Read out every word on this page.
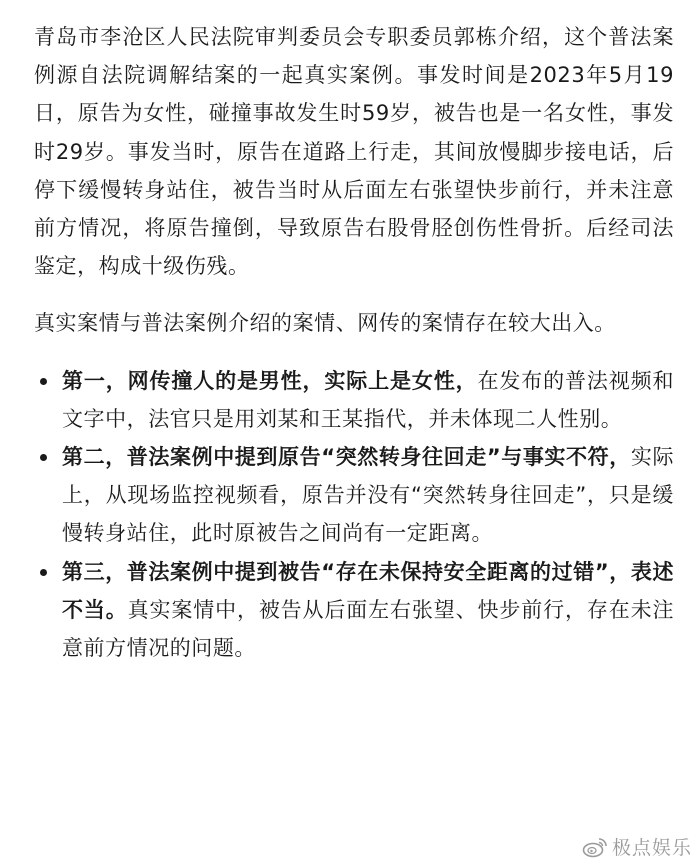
青岛市李沧区人民法院审判委员会专职委员郭栋介绍，这个普法案例源自法院调解结案的一起真实案例。事发时间是2023年5月19日，原告为女性，碰撞事故发生时59岁，被告也是一名女性，事发时29岁。事发当时，原告在道路上行走，其间放慢脚步接电话，后停下缓慢转身站住，被告当时从后面左右张望快步前行，并未注意前方情况，将原告撞倒，导致原告右股骨胫创伤性骨折。后经司法鉴定，构成十级伤残。

真实案情与普法案例介绍的案情、网传的案情存在较大出入。

第一，网传撞人的是男性，实际上是女性，在发布的普法视频和文字中，法官只是用刘某和王某指代，并未体现二人性别。
第二，普法案例中提到原告“突然转身往回走”与事实不符，实际上，从现场监控视频看，原告并没有“突然转身往回走”，只是缓慢转身站住，此时原被告之间尚有一定距离。
第三，普法案例中提到被告“存在未保持安全距离的过错”，表述不当。真实案情中，被告从后面左右张望、快步前行，存在未注意前方情况的问题。
极点娱乐
